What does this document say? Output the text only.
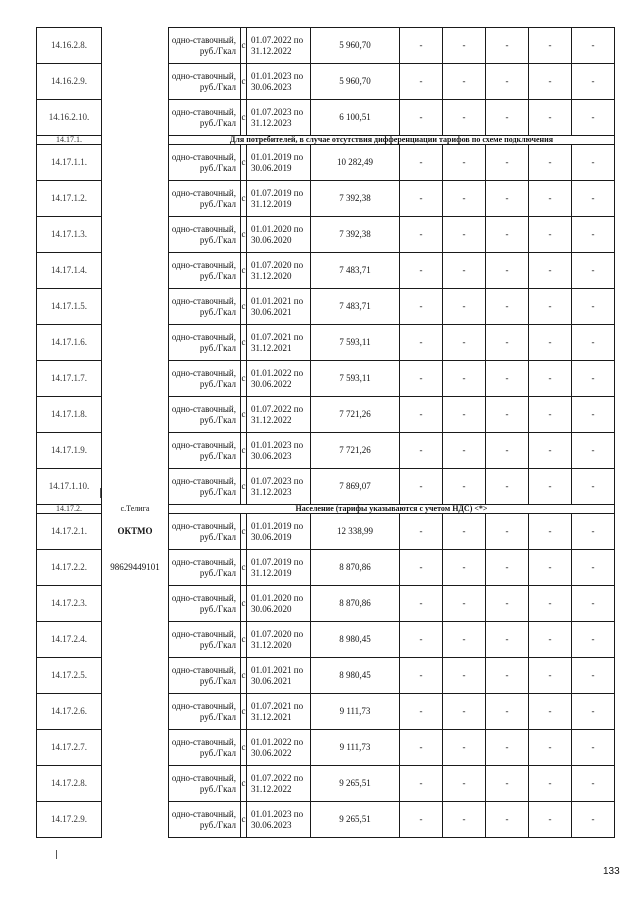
14.16.2.8.		одно-ставочный, руб./Гкал	с	01.07.2022 по 31.12.2022	5 960,70	-	-	-	-	-
14.16.2.9.		одно-ставочный, руб./Гкал	с	01.01.2023 по 30.06.2023	5 960,70	-	-	-	-	-
14.16.2.10.		одно-ставочный, руб./Гкал	с	01.07.2023 по 31.12.2023	6 100,51	-	-	-	-	-
14.17.1.		Для потребителей, в случае отсутствия дифференциации тарифов по схеме подключения								
14.17.1.1.		одно-ставочный, руб./Гкал	с	01.01.2019 по 30.06.2019	10 282,49	-	-	-	-	-
14.17.1.2.		одно-ставочный, руб./Гкал	с	01.07.2019 по 31.12.2019	7 392,38	-	-	-	-	-
14.17.1.3.		одно-ставочный, руб./Гкал	с	01.01.2020 по 30.06.2020	7 392,38	-	-	-	-	-
14.17.1.4.		одно-ставочный, руб./Гкал	с	01.07.2020 по 31.12.2020	7 483,71	-	-	-	-	-
14.17.1.5.		одно-ставочный, руб./Гкал	с	01.01.2021 по 30.06.2021	7 483,71	-	-	-	-	-
14.17.1.6.		одно-ставочный, руб./Гкал	с	01.07.2021 по 31.12.2021	7 593,11	-	-	-	-	-
14.17.1.7.		одно-ставочный, руб./Гкал	с	01.01.2022 по 30.06.2022	7 593,11	-	-	-	-	-
14.17.1.8.		одно-ставочный, руб./Гкал	с	01.07.2022 по 31.12.2022	7 721,26	-	-	-	-	-
14.17.1.9.		одно-ставочный, руб./Гкал	с	01.01.2023 по 30.06.2023	7 721,26	-	-	-	-	-
14.17.1.10.		одно-ставочный, руб./Гкал	с	01.07.2023 по 31.12.2023	7 869,07	-	-	-	-	-
14.17.2.	с.Телига	Население (тарифы указываются с учетом НДС) <*>								
14.17.2.1.	ОКТМО	одно-ставочный, руб./Гкал	с	01.01.2019 по 30.06.2019	12 338,99	-	-	-	-	-
14.17.2.2.	98629449101	одно-ставочный, руб./Гкал	с	01.07.2019 по 31.12.2019	8 870,86	-	-	-	-	-
14.17.2.3.		одно-ставочный, руб./Гкал	с	01.01.2020 по 30.06.2020	8 870,86	-	-	-	-	-
14.17.2.4.		одно-ставочный, руб./Гкал	с	01.07.2020 по 31.12.2020	8 980,45	-	-	-	-	-
14.17.2.5.		одно-ставочный, руб./Гкал	с	01.01.2021 по 30.06.2021	8 980,45	-	-	-	-	-
14.17.2.6.		одно-ставочный, руб./Гкал	с	01.07.2021 по 31.12.2021	9 111,73	-	-	-	-	-
14.17.2.7.		одно-ставочный, руб./Гкал	с	01.01.2022 по 30.06.2022	9 111,73	-	-	-	-	-
14.17.2.8.		одно-ставочный, руб./Гкал	с	01.07.2022 по 31.12.2022	9 265,51	-	-	-	-	-
14.17.2.9.		одно-ставочный, руб./Гкал	с	01.01.2023 по 30.06.2023	9 265,51	-	-	-	-	-
133
